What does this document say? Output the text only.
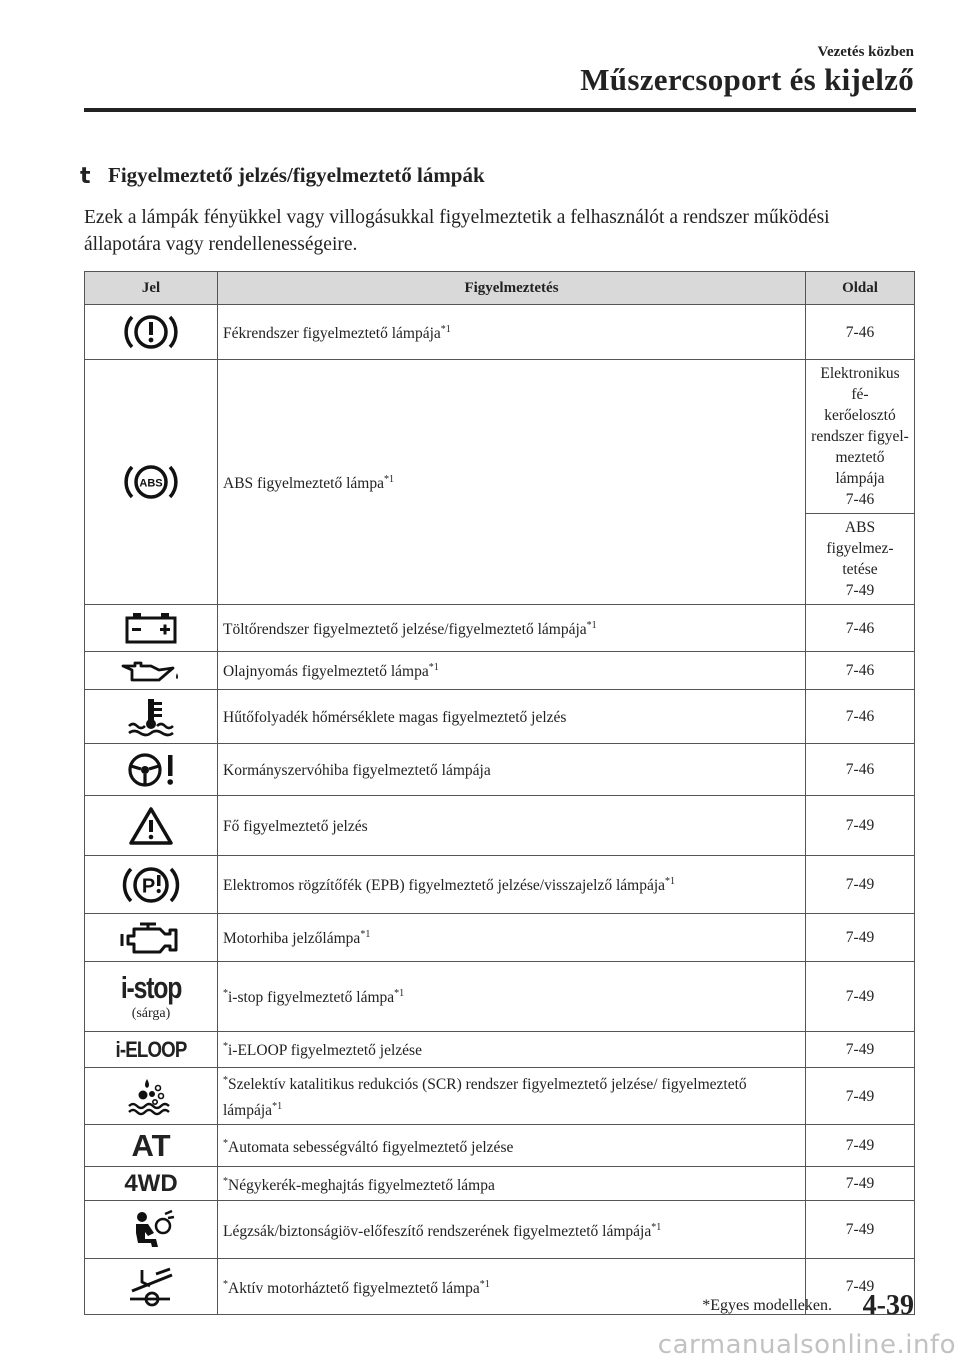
Vezetés közben
Műszercsoport és kijelző
t Figyelmeztető jelzés/figyelmeztető lámpák
Ezek a lámpák fényükkel vagy villogásukkal figyelmeztetik a felhasználót a rendszer működési állapotára vagy rendellenességeire.
Jel	Figyelmeztetés	Oldal

	Fékrendszer figyelmeztető lámpája$^{*1}$	7-46

ABS	ABS figyelmeztető lámpa$^{*1}$	Elektronikus fé-
kerőelosztó
rendszer figyel-
meztető lámpája
7-46

		ABS figyelmez-
tetése
7-49

	Töltőrendszer figyelmeztető jelzése/figyelmeztető lámpája$^{*1}$	7-46

	Olajnyomás figyelmeztető lámpa$^{*1}$	7-46

	Hűtőfolyadék hőmérséklete magas figyelmeztető jelzés	7-46

	Kormányszervóhiba figyelmeztető lámpája	7-46

	Fő figyelmeztető jelzés	7-49

P	Elektromos rögzítőfék (EPB) figyelmeztető jelzése/visszajelző lámpája$^{*1}$	7-49

	Motorhiba jelzőlámpa$^{*1}$	7-49

i-stop
(sárga)	*i-stop figyelmeztető lámpa$^{*1}$	7-49

i-ELOOP	*i-ELOOP figyelmeztető jelzése	7-49

	*Szelektív katalitikus redukciós (SCR) rendszer figyelmeztető jelzése/ figyelmeztető lámpája$^{*1}$	7-49

AT	*Automata sebességváltó figyelmeztető jelzése	7-49

4WD	*Négykerék-meghajtás figyelmeztető lámpa	7-49

	Légzsák/biztonságiöv-előfeszítő rendszerének figyelmeztető lámpája$^{*1}$	7-49

	*Aktív motorháztető figyelmeztető lámpa$^{*1}$	7-49
*Egyes modelleken. 4-39
carmanualsonline.info
